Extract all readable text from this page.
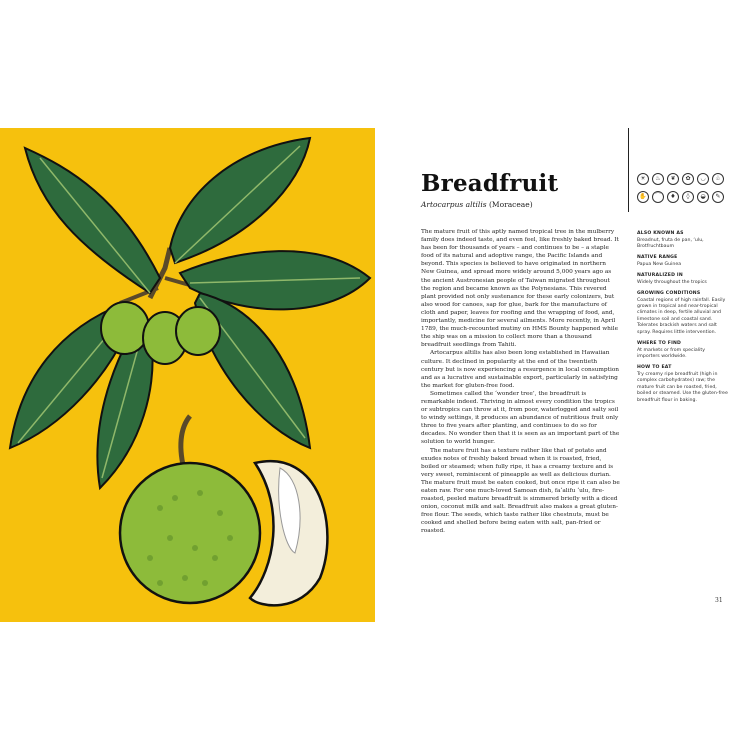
Breadfruit
Artocarpus altilis (Moraceae)

The mature fruit of this aptly named tropical tree in the mulberry family does indeed taste, and even feel, like freshly baked bread. It has been for thousands of years – and continues to be – a staple food of its natural and adoptive range, the Pacific Islands and beyond. This species is believed to have originated in northern New Guinea, and spread more widely around 5,000 years ago as the ancient Austronesian people of Taiwan migrated throughout the region and became known as the Polynesians. This revered plant provided not only sustenance for these early colonizers, but also wood for canoes, sap for glue, bark for the manufacture of cloth and paper, leaves for roofing and the wrapping of food, and, importantly, medicine for several ailments. More recently, in April 1789, the much-recounted mutiny on HMS Bounty happened while the ship was on a mission to collect more than a thousand breadfruit seedlings from Tahiti.

Artocarpus altilis has also been long established in Hawaiian culture. It declined in popularity at the end of the twentieth century but is now experiencing a resurgence in local consumption and as a lucrative and sustainable export, particularly in satisfying the market for gluten-free food.

Sometimes called the ‘wonder tree’, the breadfruit is remarkable indeed. Thriving in almost every condition the tropics or subtropics can throw at it, from poor, waterlogged and salty soil to windy settings, it produces an abundance of nutritious fruit only three to five years after planting, and continues to do so for decades. No wonder then that it is seen as an important part of the solution to world hunger.

The mature fruit has a texture rather like that of potato and exudes notes of freshly baked bread when it is roasted, fried, boiled or steamed; when fully ripe, it has a creamy texture and is very sweet, reminiscent of pineapple as well as delicious durian. The mature fruit must be eaten cooked, but once ripe it can also be eaten raw. For one much-loved Samoan dish, fa‘alifu ‘ulu, fire-roasted, peeled mature breadfruit is simmered briefly with a diced onion, coconut milk and salt. Breadfruit also makes a great gluten-free flour. The seeds, which taste rather like chestnuts, must be cooked and shelled before being eaten with salt, pan-fried or roasted.

☀	♨	❦	✿	◡	♧
✋	⌒	♦	◊	◒	✎
ALSO KNOWN AS
Breadnut, fruta de pan, ‘ulu, Brotfruchtbaum
NATIVE RANGE
Papua New Guinea
NATURALIZED IN
Widely throughout the tropics
GROWING CONDITIONS
Coastal regions of high rainfall. Easily grown in tropical and near-tropical climates in deep, fertile alluvial and limestone soil and coastal sand. Tolerates brackish waters and salt spray. Requires little intervention.
WHERE TO FIND
At markets or from speciality importers worldwide.
HOW TO EAT
Try creamy ripe breadfruit (high in complex carbohydrates) raw; the mature fruit can be roasted, fried, boiled or steamed. Use the gluten-free breadfruit flour in baking.
31
